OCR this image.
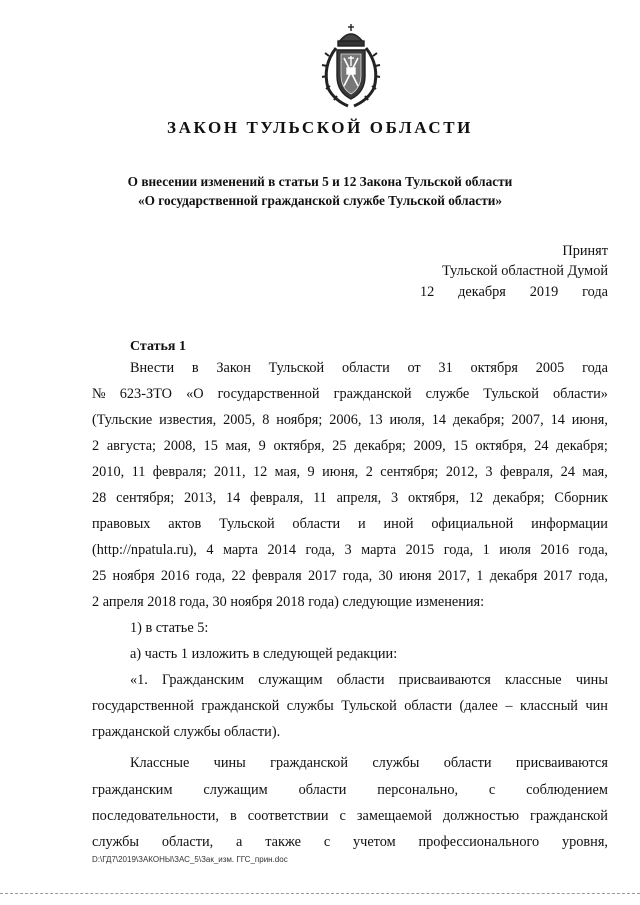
ЗАКОН ТУЛЬСКОЙ ОБЛАСТИ
О внесении изменений в статьи 5 и 12 Закона Тульской области
«О государственной гражданской службе Тульской области»
Принят
Тульской областной Думой
12 декабря 2019 года
Статья 1
Внести в Закон Тульской области от 31 октября 2005 года
№ 623-ЗТО «О государственной гражданской службе Тульской области»
(Тульские известия, 2005, 8 ноября; 2006, 13 июля, 14 декабря; 2007, 14 июня,
2 августа; 2008, 15 мая, 9 октября, 25 декабря; 2009, 15 октября, 24 декабря;
2010, 11 февраля; 2011, 12 мая, 9 июня, 2 сентября; 2012, 3 февраля, 24 мая,
28 сентября; 2013, 14 февраля, 11 апреля, 3 октября, 12 декабря; Сборник
правовых актов Тульской области и иной официальной информации
(http://npatula.ru), 4 марта 2014 года, 3 марта 2015 года, 1 июля 2016 года,
25 ноября 2016 года, 22 февраля 2017 года, 30 июня 2017, 1 декабря 2017 года,
2 апреля 2018 года, 30 ноября 2018 года) следующие изменения:
1) в статье 5:
а) часть 1 изложить в следующей редакции:
«1. Гражданским служащим области присваиваются классные чины
государственной гражданской службы Тульской области (далее – классный чин
гражданской службы области).
Классные чины гражданской службы области присваиваются
гражданским служащим области персонально, с соблюдением
последовательности, в соответствии с замещаемой должностью гражданской
службы области, а также с учетом профессионального уровня,
D:\ГД7\2019\ЗАКОНЫ\ЗАС_5\Зак_изм. ГГС_прин.doc
